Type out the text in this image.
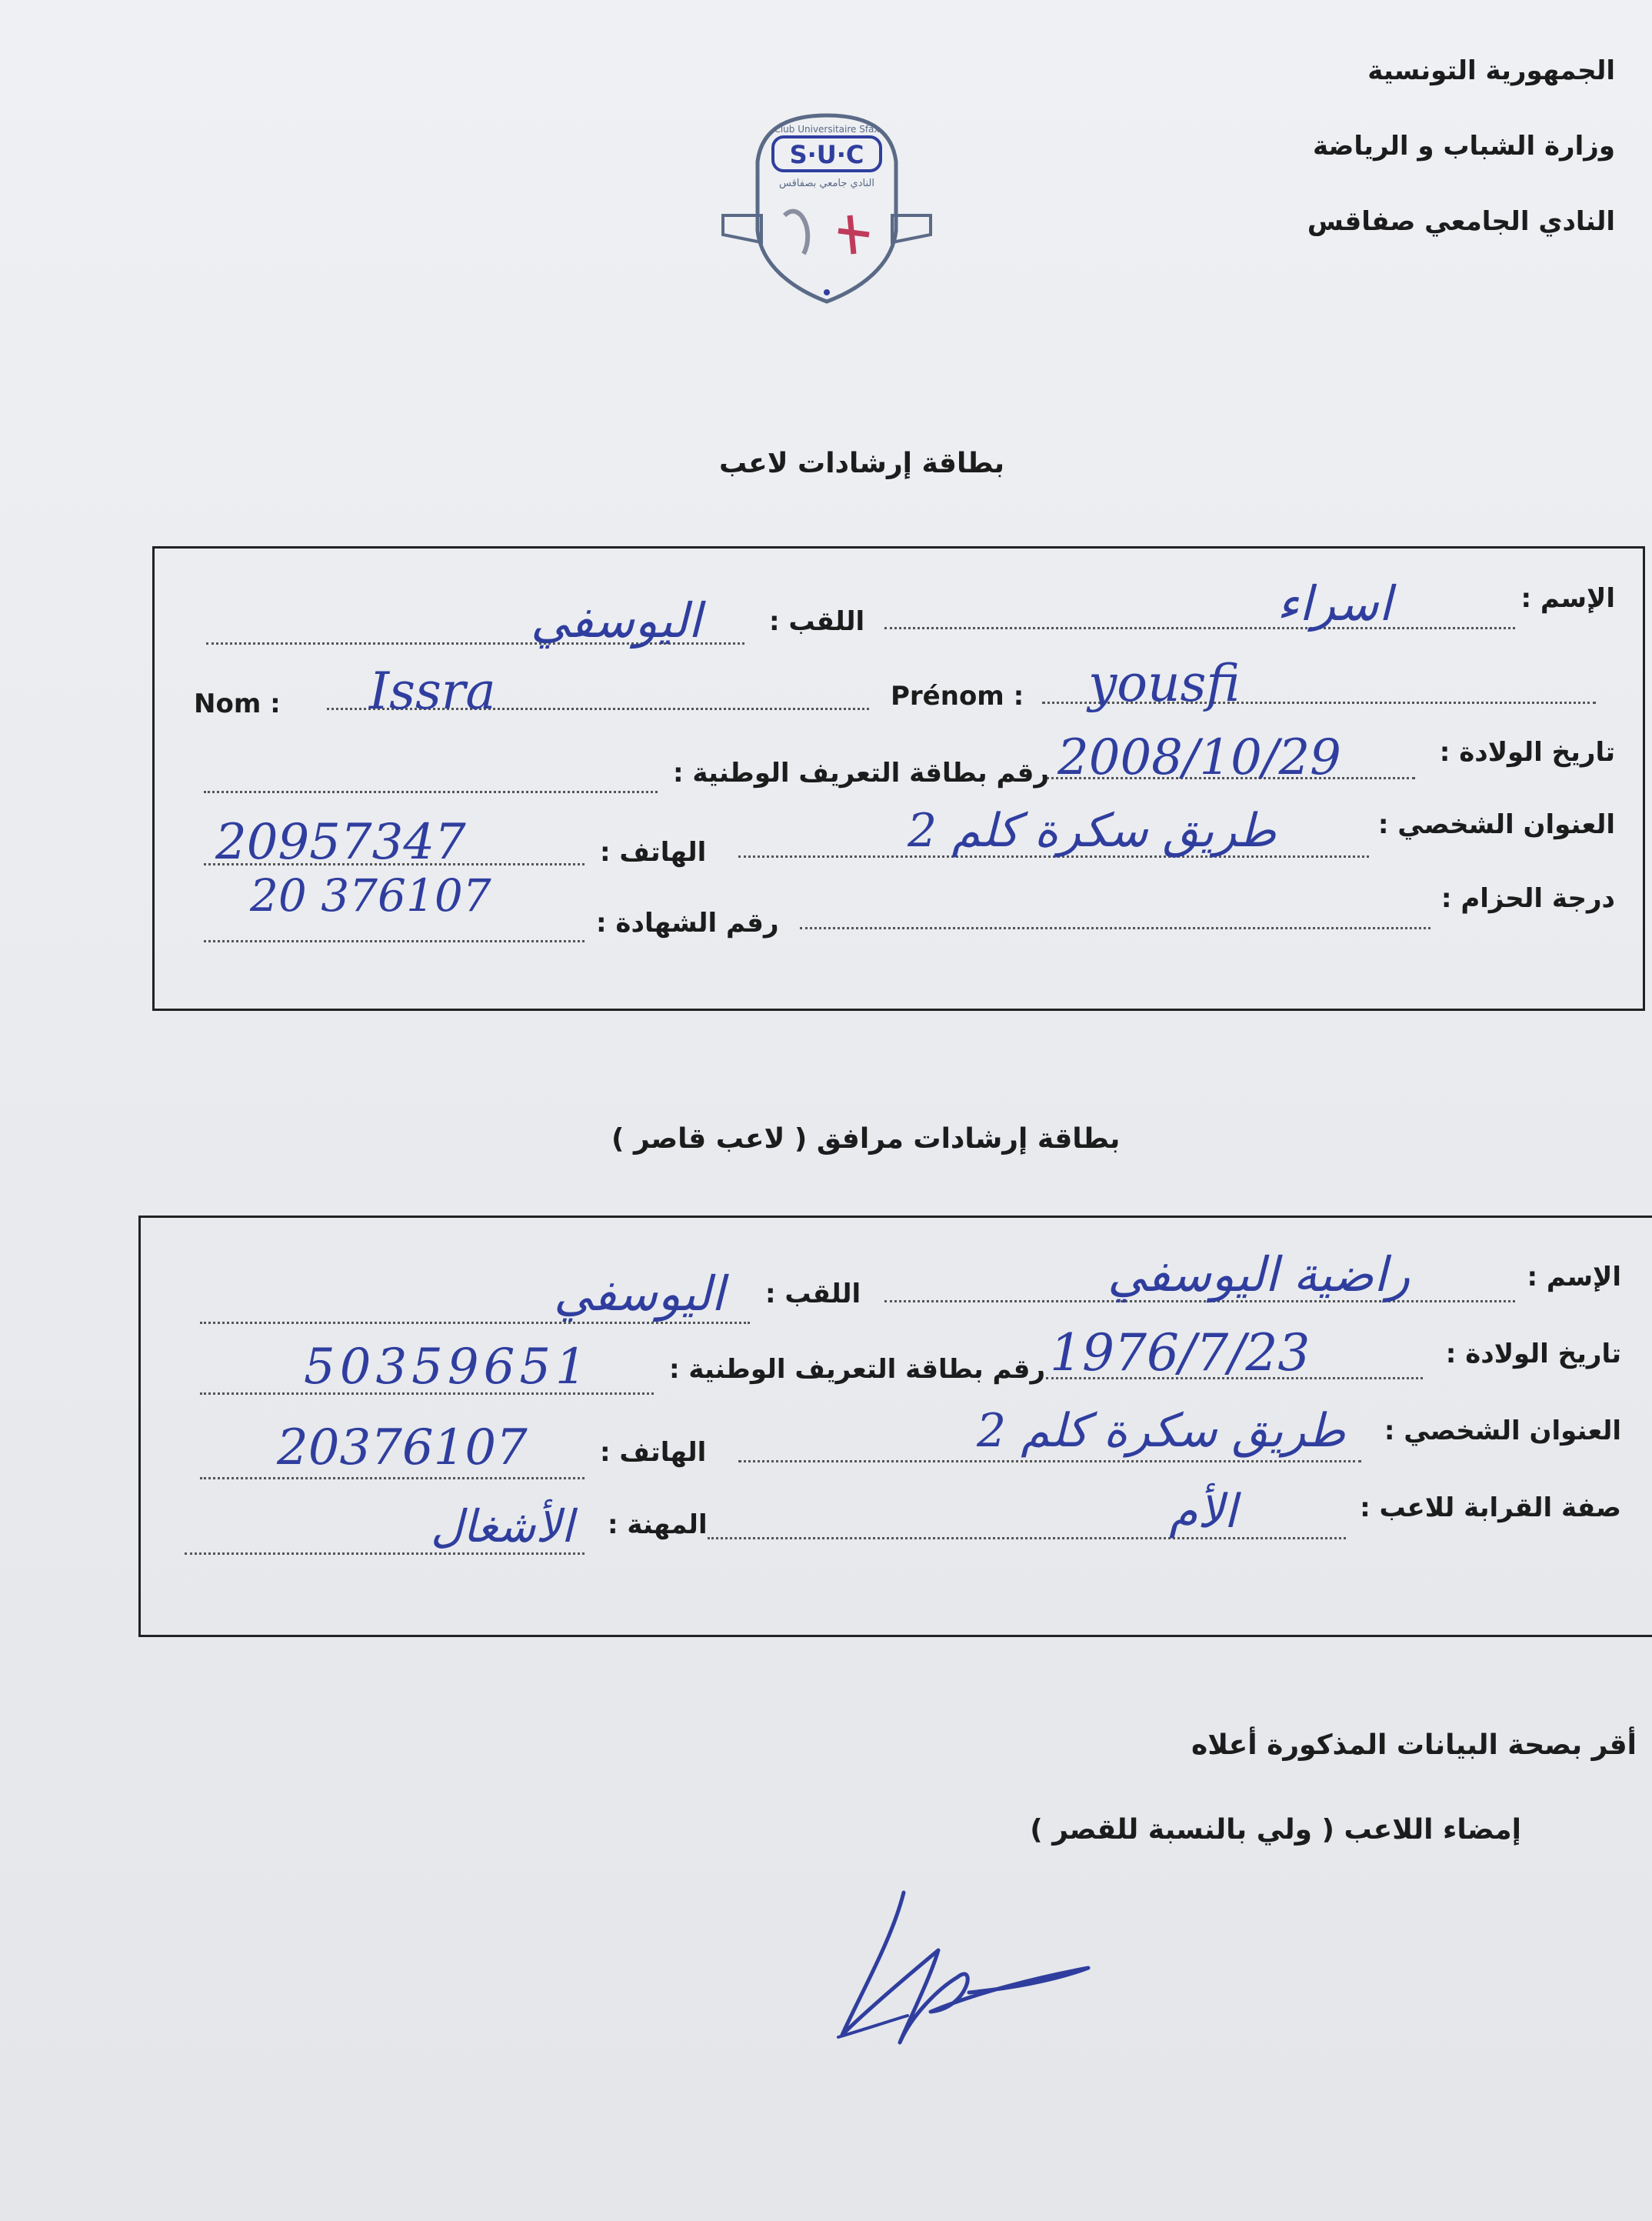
الجمهورية التونسية
وزارة الشباب و الرياضة
النادي الجامعي صفاقس
Club Universitaire Sfax
S·U·C
النادي جامعي بصفاقس
بطاقة إرشادات لاعب
الإسم :
اسراء
اللقب :
اليوسفي
Nom : Issra	Prénom : yousfi
تاريخ الولادة :
2008/10/29
رقم بطاقة التعريف الوطنية :
العنوان الشخصي :
طريق سكرة كلم 2
الهاتف :
20957347
20 376107	درجة الحزام :
رقم الشهادة :
بطاقة إرشادات مرافق ( لاعب قاصر )
الإسم :
راضية اليوسفي
اللقب :
اليوسفي
تاريخ الولادة :
1976/7/23
رقم بطاقة التعريف الوطنية :
50359651
العنوان الشخصي :
طريق سكرة كلم 2
الهاتف :
20376107
صفة القرابة للاعب :
الأم
المهنة :
الأشغال
أقر بصحة البيانات المذكورة أعلاه
إمضاء اللاعب ( ولي بالنسبة للقصر )
